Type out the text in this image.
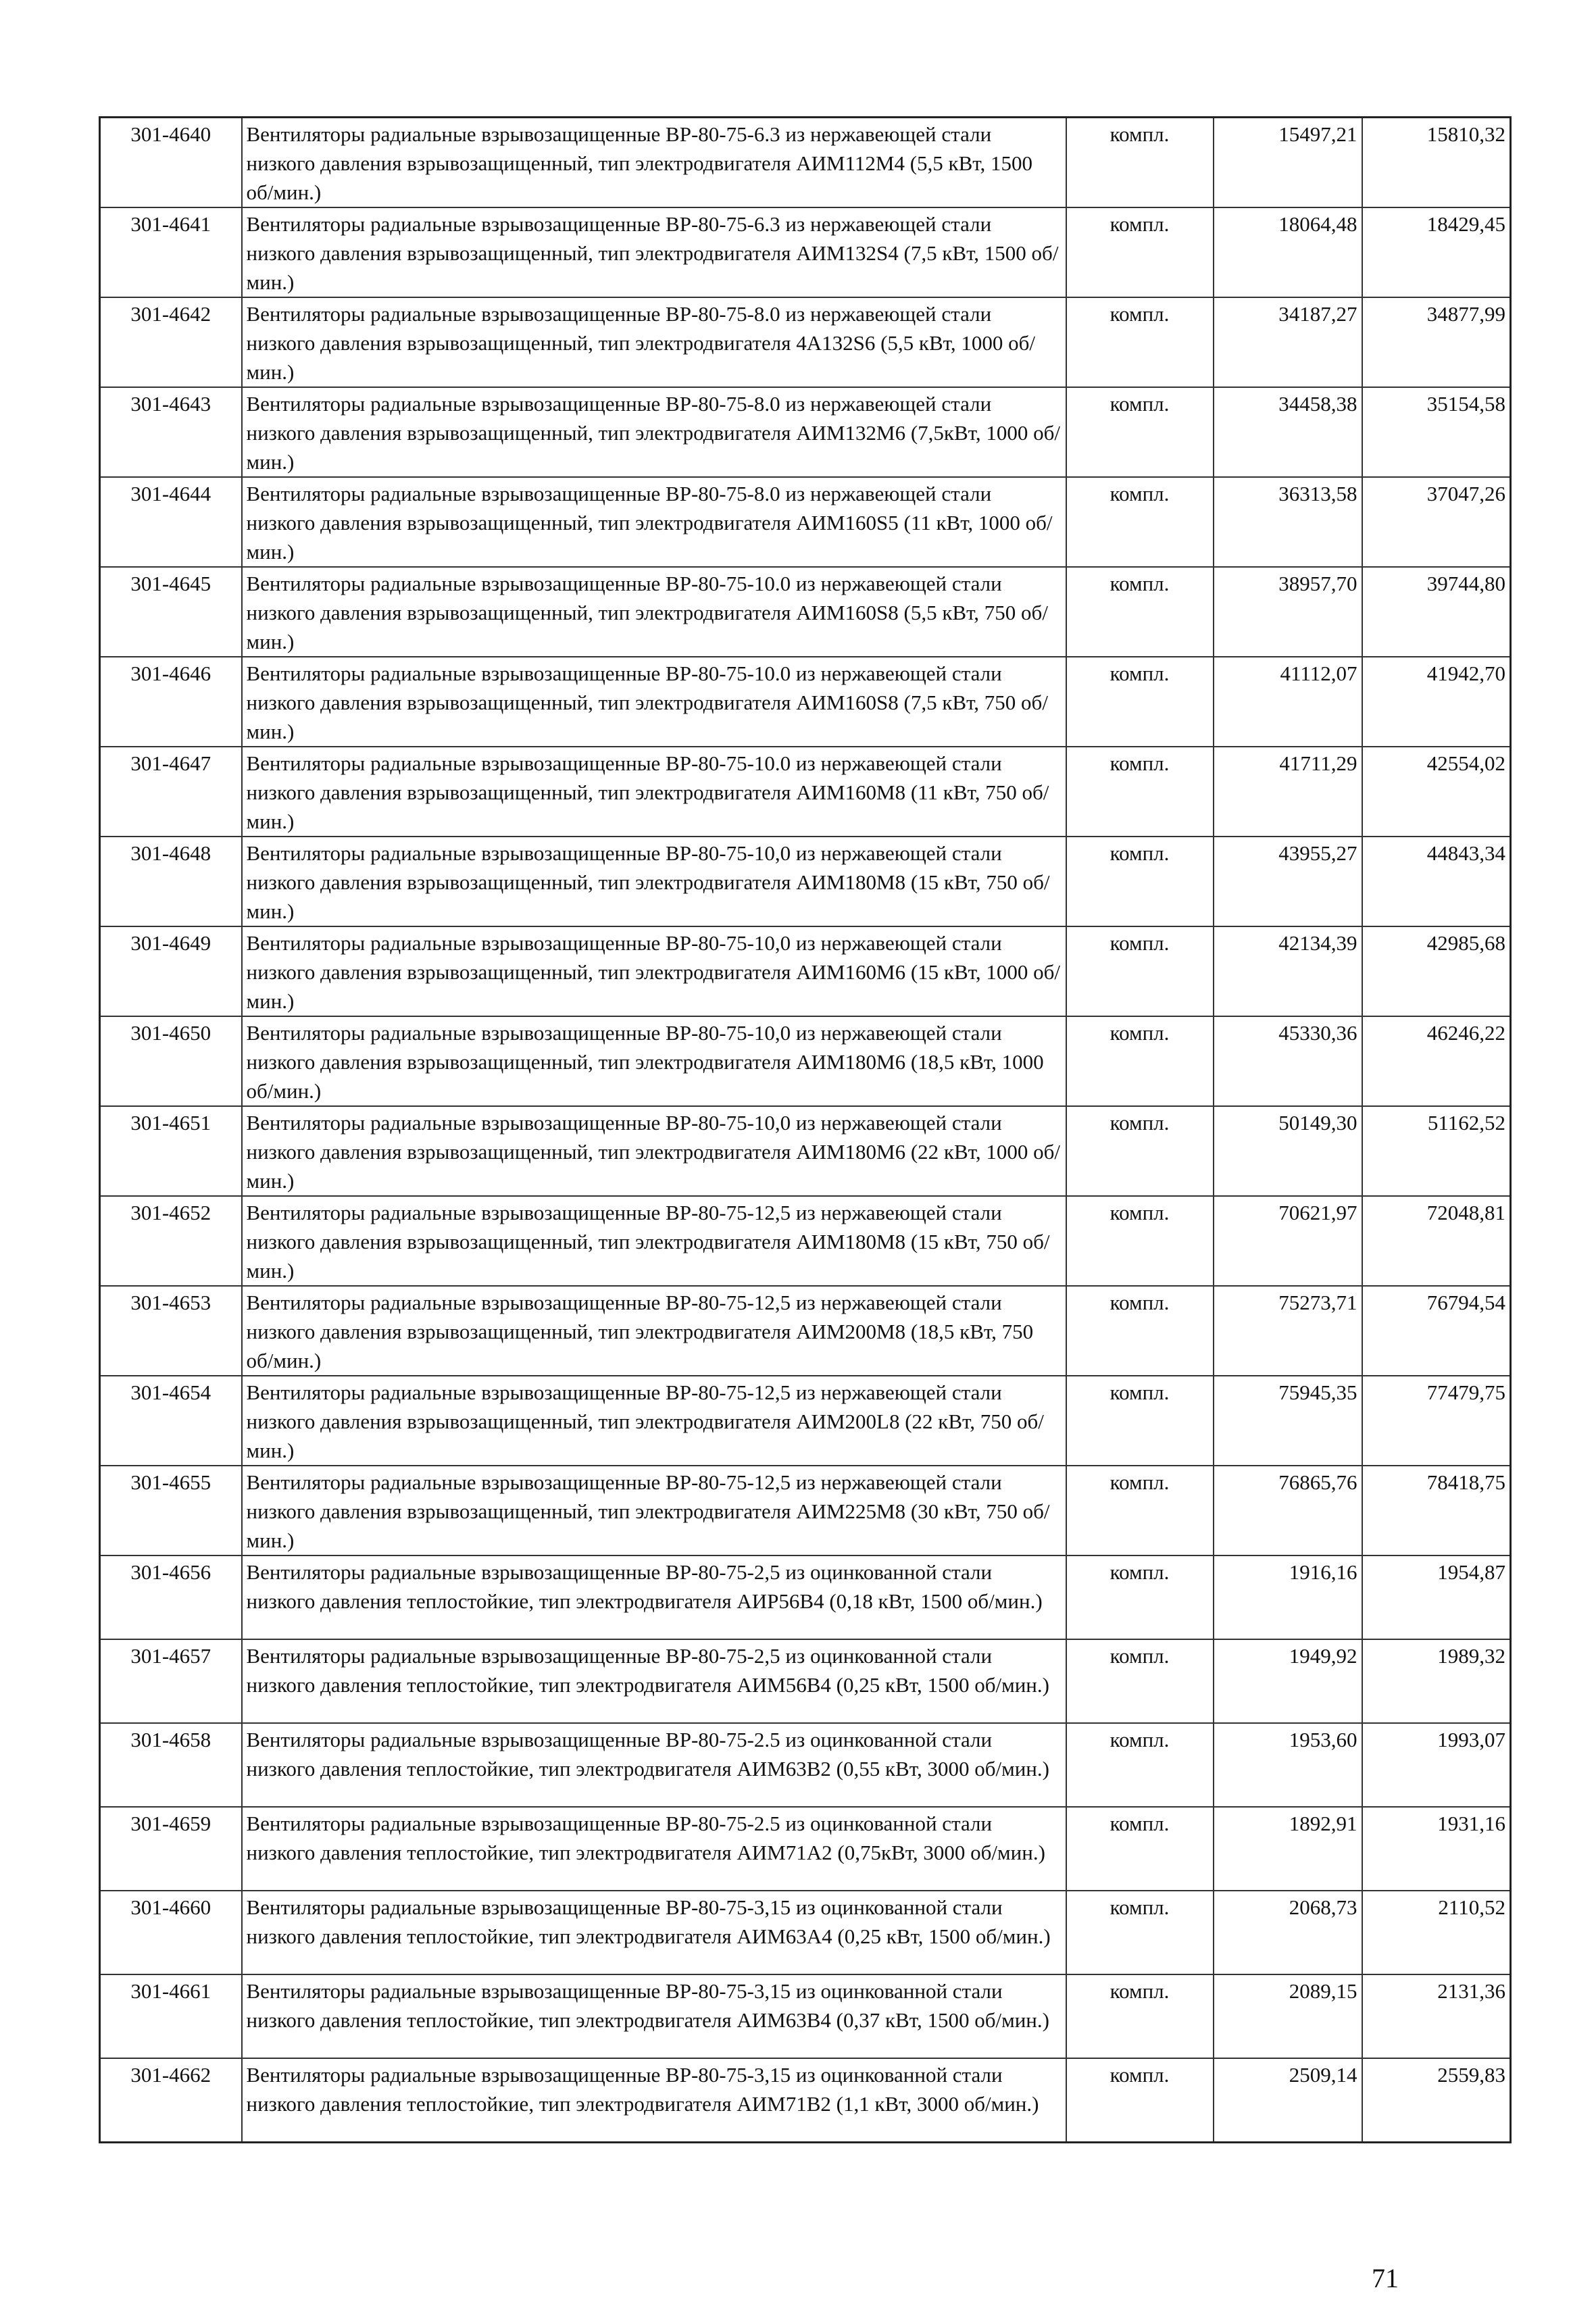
301-4640	Вентиляторы радиальные взрывозащищенные ВР-80-75-6.3 из нержавеющей стали низкого давления взрывозащищенный, тип электродвигателя АИМ112М4 (5,5 кВт, 1500 об/мин.)	компл.	15497,21	15810,32
301-4641	Вентиляторы радиальные взрывозащищенные ВР-80-75-6.3 из нержавеющей стали низкого давления взрывозащищенный, тип электродвигателя АИМ132S4 (7,5 кВт, 1500 об/мин.)	компл.	18064,48	18429,45
301-4642	Вентиляторы радиальные взрывозащищенные ВР-80-75-8.0 из нержавеющей стали низкого давления взрывозащищенный, тип электродвигателя 4А132S6 (5,5 кВт, 1000 об/мин.)	компл.	34187,27	34877,99
301-4643	Вентиляторы радиальные взрывозащищенные ВР-80-75-8.0 из нержавеющей стали низкого давления взрывозащищенный, тип электродвигателя АИМ132М6 (7,5кВт, 1000 об/мин.)	компл.	34458,38	35154,58
301-4644	Вентиляторы радиальные взрывозащищенные ВР-80-75-8.0 из нержавеющей стали низкого давления взрывозащищенный, тип электродвигателя АИМ160S5 (11 кВт, 1000 об/мин.)	компл.	36313,58	37047,26
301-4645	Вентиляторы радиальные взрывозащищенные ВР-80-75-10.0 из нержавеющей стали низкого давления взрывозащищенный, тип электродвигателя АИМ160S8 (5,5 кВт, 750 об/мин.)	компл.	38957,70	39744,80
301-4646	Вентиляторы радиальные взрывозащищенные ВР-80-75-10.0 из нержавеющей стали низкого давления взрывозащищенный, тип электродвигателя АИМ160S8 (7,5 кВт, 750 об/мин.)	компл.	41112,07	41942,70
301-4647	Вентиляторы радиальные взрывозащищенные ВР-80-75-10.0 из нержавеющей стали низкого давления взрывозащищенный, тип электродвигателя АИМ160М8 (11 кВт, 750 об/мин.)	компл.	41711,29	42554,02
301-4648	Вентиляторы радиальные взрывозащищенные ВР-80-75-10,0 из нержавеющей стали низкого давления взрывозащищенный, тип электродвигателя АИМ180М8 (15 кВт, 750 об/мин.)	компл.	43955,27	44843,34
301-4649	Вентиляторы радиальные взрывозащищенные ВР-80-75-10,0 из нержавеющей стали низкого давления взрывозащищенный, тип электродвигателя АИМ160М6 (15 кВт, 1000 об/мин.)	компл.	42134,39	42985,68
301-4650	Вентиляторы радиальные взрывозащищенные ВР-80-75-10,0 из нержавеющей стали низкого давления взрывозащищенный, тип электродвигателя АИМ180М6 (18,5 кВт, 1000 об/мин.)	компл.	45330,36	46246,22
301-4651	Вентиляторы радиальные взрывозащищенные ВР-80-75-10,0 из нержавеющей стали низкого давления взрывозащищенный, тип электродвигателя АИМ180М6 (22 кВт, 1000 об/мин.)	компл.	50149,30	51162,52
301-4652	Вентиляторы радиальные взрывозащищенные ВР-80-75-12,5 из нержавеющей стали низкого давления взрывозащищенный, тип электродвигателя АИМ180М8 (15 кВт, 750 об/мин.)	компл.	70621,97	72048,81
301-4653	Вентиляторы радиальные взрывозащищенные ВР-80-75-12,5 из нержавеющей стали низкого давления взрывозащищенный, тип электродвигателя АИМ200М8 (18,5 кВт, 750 об/мин.)	компл.	75273,71	76794,54
301-4654	Вентиляторы радиальные взрывозащищенные ВР-80-75-12,5 из нержавеющей стали низкого давления взрывозащищенный, тип электродвигателя АИМ200L8 (22 кВт, 750 об/мин.)	компл.	75945,35	77479,75
301-4655	Вентиляторы радиальные взрывозащищенные ВР-80-75-12,5 из нержавеющей стали низкого давления взрывозащищенный, тип электродвигателя АИМ225М8 (30 кВт, 750 об/мин.)	компл.	76865,76	78418,75
301-4656	Вентиляторы радиальные взрывозащищенные ВР-80-75-2,5 из оцинкованной стали низкого давления теплостойкие, тип электродвигателя АИР56В4 (0,18 кВт, 1500 об/мин.)	компл.	1916,16	1954,87
301-4657	Вентиляторы радиальные взрывозащищенные ВР-80-75-2,5 из оцинкованной стали низкого давления теплостойкие, тип электродвигателя АИМ56В4 (0,25 кВт, 1500 об/мин.)	компл.	1949,92	1989,32
301-4658	Вентиляторы радиальные взрывозащищенные ВР-80-75-2.5 из оцинкованной стали низкого давления теплостойкие, тип электродвигателя АИМ63В2 (0,55 кВт, 3000 об/мин.)	компл.	1953,60	1993,07
301-4659	Вентиляторы радиальные взрывозащищенные ВР-80-75-2.5 из оцинкованной стали низкого давления теплостойкие, тип электродвигателя АИМ71А2 (0,75кВт, 3000 об/мин.)	компл.	1892,91	1931,16
301-4660	Вентиляторы радиальные взрывозащищенные ВР-80-75-3,15 из оцинкованной стали низкого давления теплостойкие, тип электродвигателя АИМ63А4 (0,25 кВт, 1500 об/мин.)	компл.	2068,73	2110,52
301-4661	Вентиляторы радиальные взрывозащищенные ВР-80-75-3,15 из оцинкованной стали низкого давления теплостойкие, тип электродвигателя АИМ63В4 (0,37 кВт, 1500 об/мин.)	компл.	2089,15	2131,36
301-4662	Вентиляторы радиальные взрывозащищенные ВР-80-75-3,15 из оцинкованной стали низкого давления теплостойкие, тип электродвигателя АИМ71В2 (1,1 кВт, 3000 об/мин.)	компл.	2509,14	2559,83
71
